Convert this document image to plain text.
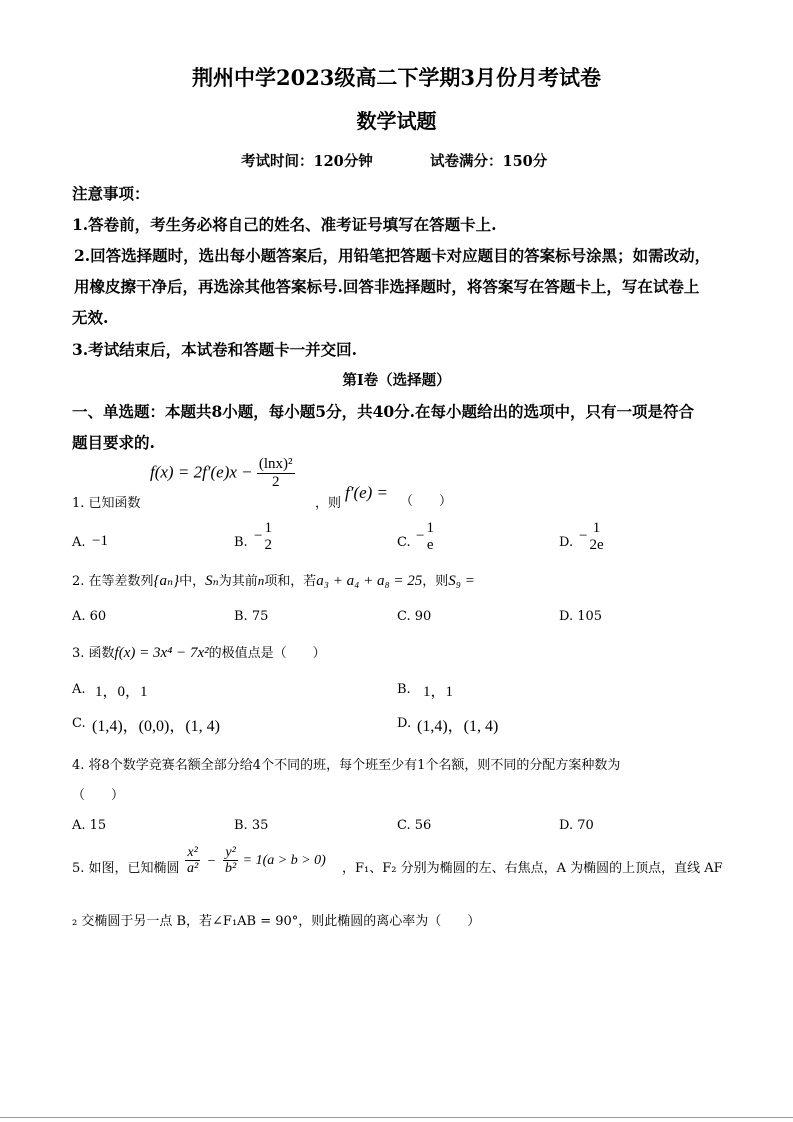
荆州中学2023级高二下学期3月份月考试卷
数学试题
考试时间：120分钟	试卷满分：150分
注意事项：
1.答卷前，考生务必将自己的姓名、准考证号填写在答题卡上.
2.回答选择题时，选出每小题答案后，用铅笔把答题卡对应题目的答案标号涂黑；如需改动，
用橡皮擦干净后，再选涂其他答案标号.回答非选择题时，将答案写在答题卡上，写在试卷上
无效.
3.考试结束后，本试卷和答题卡一并交回.
第Ⅰ卷（选择题）
一、单选题：本题共8小题，每小题5分，共40分.在每小题给出的选项中，只有一项是符合
题目要求的.
1. 已知函数
$f(x) = 2f'(e)x - \frac{\text{(lnx)²}}{2}$
，则
f′(e) = （　　）
A. −1	B. − 1
2	C. − 1
e	D. − 1
2e
2. 在等差数列{aₙ}中，Sₙ为其前n项和，若a₃ + a₄ + a₈ = 25，则S₉ =
A. 60	B. 75	C. 90	D. 105
3. 函数f(x) = 3x⁴ − 7x²的极值点是（　　）
A. 1，0，1	B. 1，1
C. (1,4)，(0,0)，(1, 4)	D. (1,4)，(1, 4)
4. 将8个数学竞赛名额全部分给4个不同的班，每个班至少有1个名额，则不同的分配方案种数为
（　　）
A. 15	B. 35	C. 56	D. 70
5. 如图，已知椭圆 $\frac{\text{x²}}{\text{a²}} - \frac{\text{y²}}{\text{b²}} = 1(a > b > 0)$
，F₁、F₂ 分别为椭圆的左、右焦点，A 为椭圆的上顶点，直线 AF
₂ 交椭圆于另一点 B，若∠F₁AB = 90°，则此椭圆的离心率为（　　）
